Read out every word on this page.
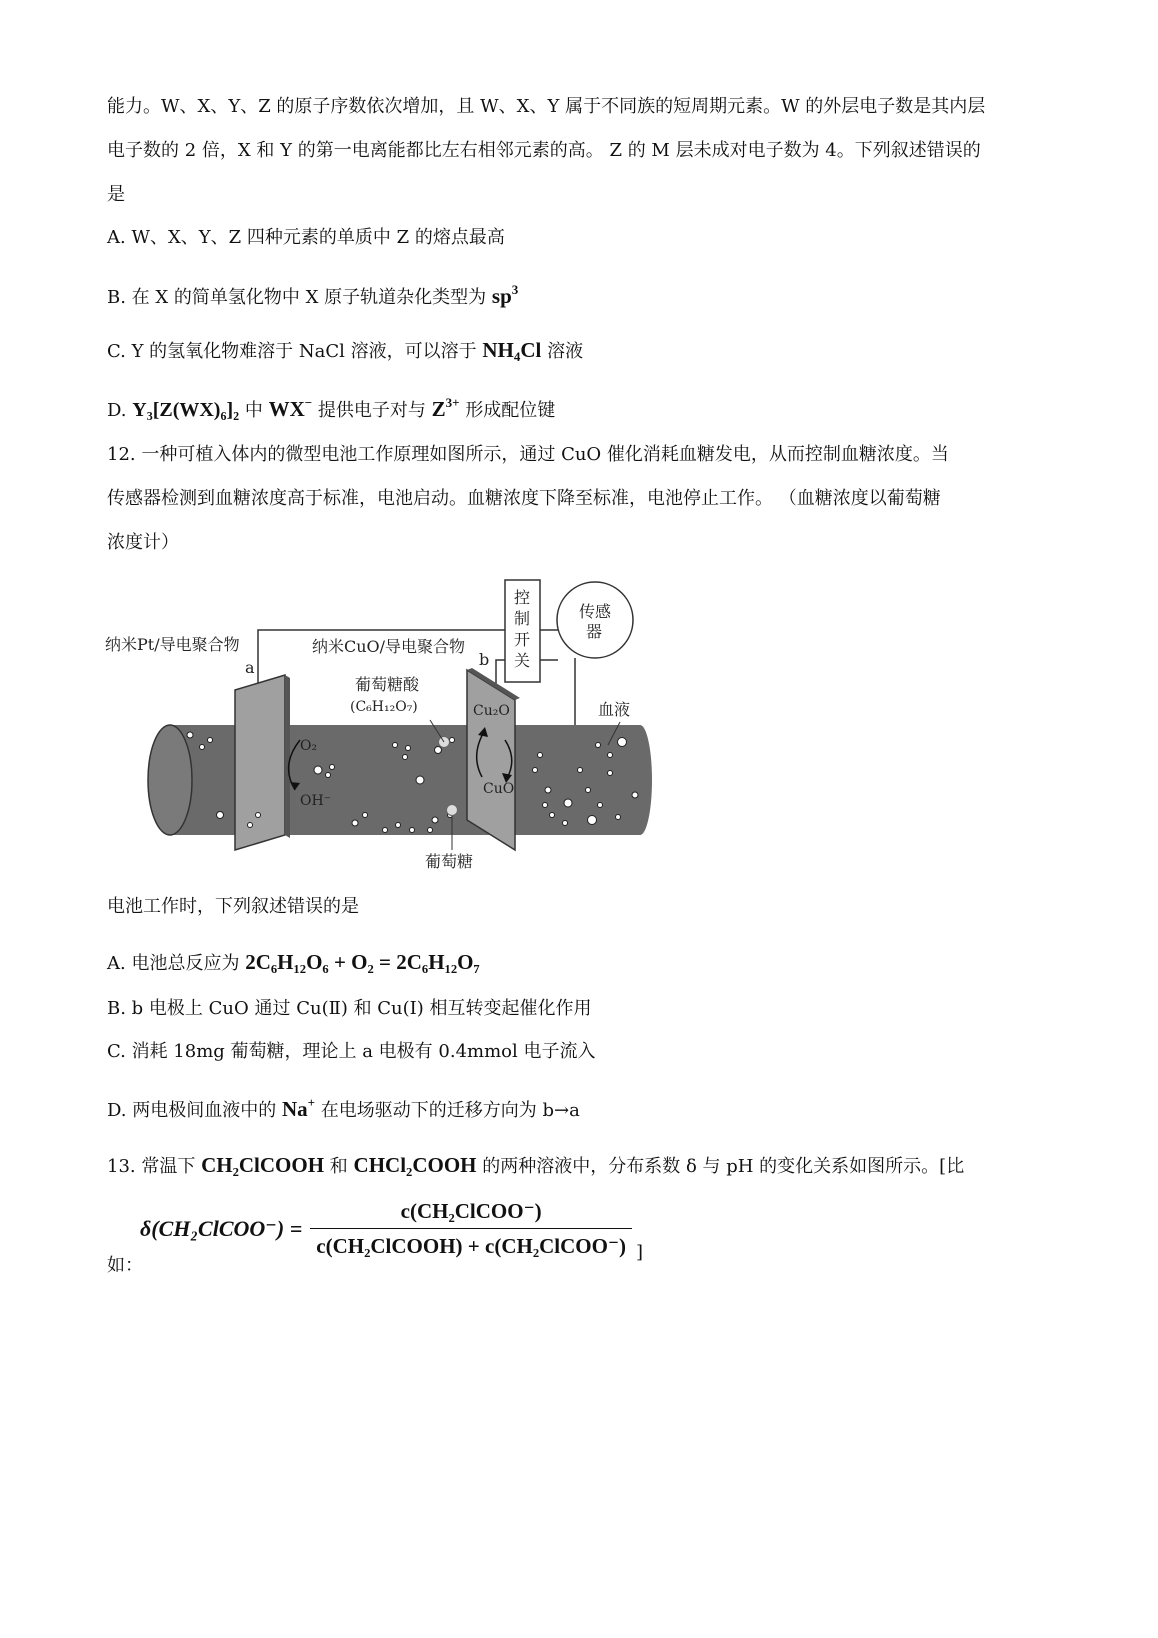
能力。W、X、Y、Z 的原子序数依次增加，且 W、X、Y 属于不同族的短周期元素。W 的外层电子数是其内层
电子数的 2 倍，X 和 Y 的第一电离能都比左右相邻元素的高。 Z 的 M 层未成对电子数为 4。下列叙述错误的
是
A. W、X、Y、Z 四种元素的单质中 Z 的熔点最高
B. 在 X 的简单氢化物中 X 原子轨道杂化类型为 $sp^3$
C. Y 的氢氧化物难溶于 NaCl 溶液，可以溶于 $NH_4Cl$ 溶液
D. Y₃[Z(WX)₆]₂ 中 WX− 提供电子对与 $Z^{3+}$ 形成配位键
12. 一种可植入体内的微型电池工作原理如图所示，通过 CuO 催化消耗血糖发电，从而控制血糖浓度。当
传感器检测到血糖浓度高于标准，电池启动。血糖浓度下降至标准，电池停止工作。 （血糖浓度以葡萄糖
浓度计）
控
制
开
关
传感
器
纳米Pt/导电聚合物
a
纳米CuO/导电聚合物
b
血液
葡萄糖酸
(C₆H₁₂O₇)
O₂
OH⁻
Cu₂O
CuO
葡萄糖
电池工作时，下列叙述错误的是
A. 电池总反应为 2C₆H₁₂O₆ + O₂ = 2C₆H₁₂O₇
B. b 电极上 CuO 通过 Cu(Ⅱ) 和 Cu(Ⅰ) 相互转变起催化作用
C. 消耗 18mg 葡萄糖，理论上 a 电极有 0.4mmol 电子流入
D. 两电极间血液中的 Na+ 在电场驱动下的迁移方向为 b→a
13. 常温下 CH₂ClCOOH 和 CHCl₂COOH 的两种溶液中，分布系数 δ 与 pH 的变化关系如图所示。[比
如：
δ(CH₂ClCOO⁻) =
c(CH₂ClCOO⁻)
c(CH₂ClCOOH) + c(CH₂ClCOO⁻) ]
